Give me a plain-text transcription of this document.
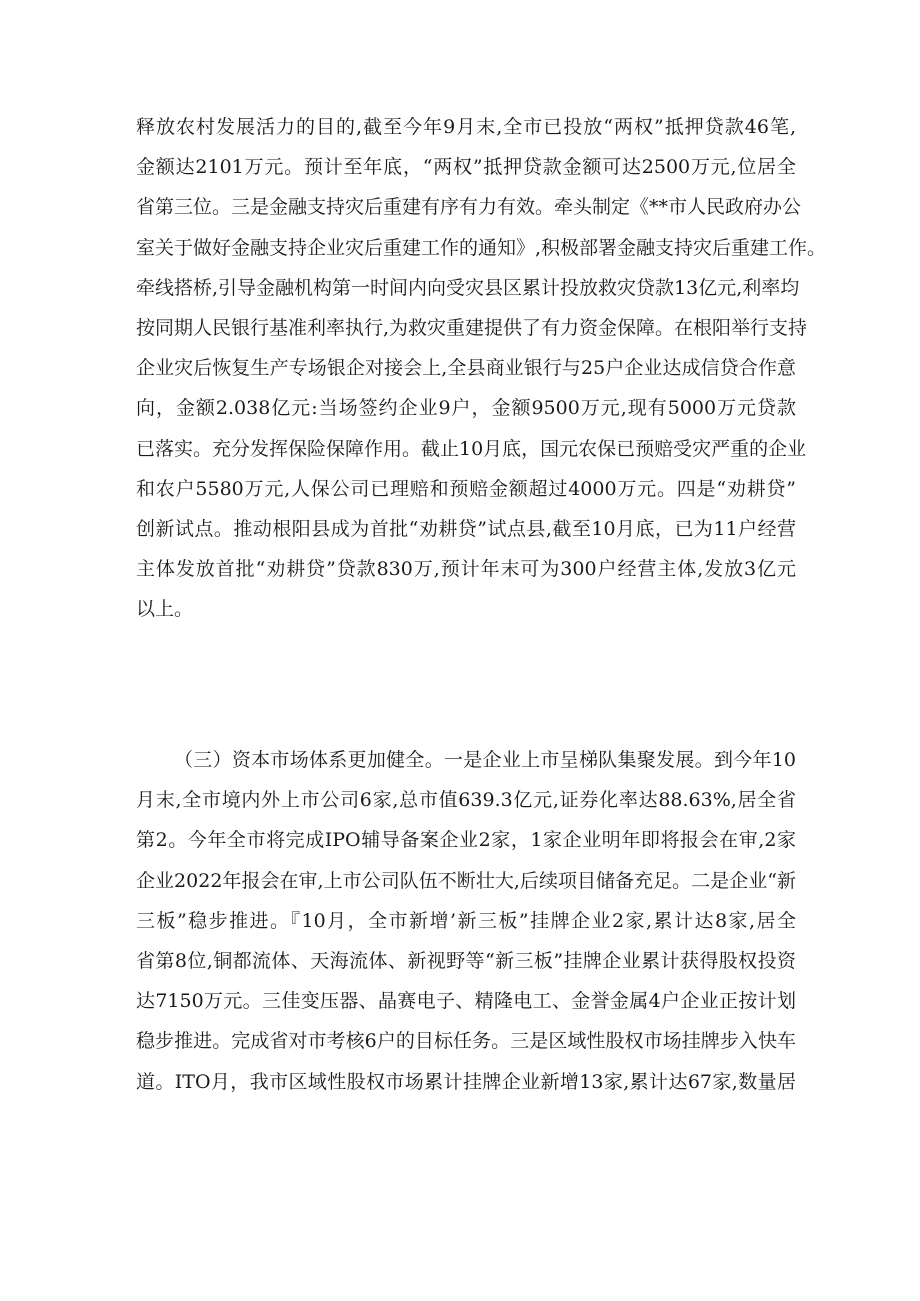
释放农村发展活力的目的,截至今年9月末,全市已投放“两权”抵押贷款46笔,
金额达2101万元。预计至年底，“两权”抵押贷款金额可达2500万元,位居全
省第三位。三是金融支持灾后重建有序有力有效。牵头制定《**市人民政府办公
室关于做好金融支持企业灾后重建工作的通知》,积极部署金融支持灾后重建工作。
牵线搭桥,引导金融机构第一时间内向受灾县区累计投放救灾贷款13亿元,利率均
按同期人民银行基准利率执行,为救灾重建提供了有力资金保障。在根阳举行支持
企业灾后恢复生产专场银企对接会上,全县商业银行与25户企业达成信贷合作意
向，金额2.038亿元:当场签约企业9户，金额9500万元,现有5000万元贷款
已落实。充分发挥保险保障作用。截止10月底，国元农保已预赔受灾严重的企业
和农户5580万元,人保公司已理赔和预赔金额超过4000万元。四是“劝耕贷”
创新试点。推动根阳县成为首批“劝耕贷”试点县,截至10月底，已为11户经营
主体发放首批“劝耕贷”贷款830万,预计年末可为300户经营主体,发放3亿元
以上。
（三）资本市场体系更加健全。一是企业上市呈梯队集聚发展。到今年10
月末,全市境内外上市公司6家,总市值639.3亿元,证券化率达88.63%,居全省
第2。今年全市将完成IPO辅导备案企业2家，1家企业明年即将报会在审,2家
企业2022年报会在审,上市公司队伍不断壮大,后续项目储备充足。二是企业“新
三板”稳步推进。『10月，全市新增’新三板”挂牌企业2家,累计达8家,居全
省第8位,铜都流体、天海流体、新视野等“新三板”挂牌企业累计获得股权投资
达7150万元。三佳变压器、晶赛电子、精隆电工、金誉金属4户企业正按计划
稳步推进。完成省对市考核6户的目标任务。三是区域性股权市场挂牌步入快车
道。ITO月，我市区域性股权市场累计挂牌企业新增13家,累计达67家,数量居
